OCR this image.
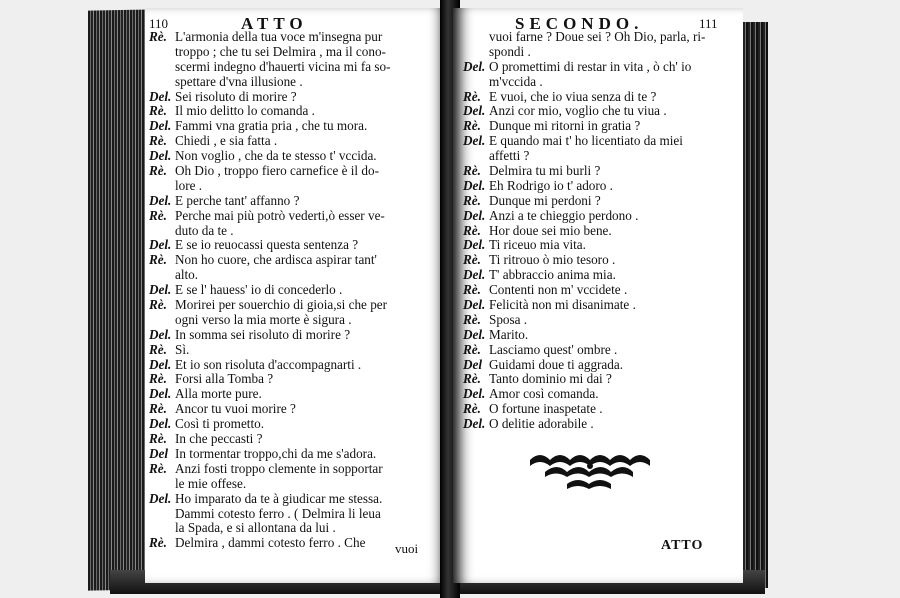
110	ATTO
Rè. L'armonia della tua voce m'insegna pur
troppo ; che tu sei Delmira , ma il cono-
scermi indegno d'hauerti vicina mi fa so-
spettare d'vna illusione .
Del. Sei risoluto di morire ?
Rè. Il mio delitto lo comanda .
Del. Fammi vna gratia pria , che tu mora.
Rè. Chiedi , e sia fatta .
Del. Non voglio , che da te stesso t' vccida.
Rè. Oh Dio , troppo fiero carnefice è il do-
lore .
Del. E perche tant' affanno ?
Rè. Perche mai più potrò vederti,ò esser ve-
duto da te .
Del. E se io reuocassi questa sentenza ?
Rè. Non ho cuore, che ardisca aspirar tant'
alto.
Del. E se l' hauess' io di concederlo .
Rè. Morirei per souerchio di gioia,si che per
ogni verso la mia morte è sigura .
Del. In somma sei risoluto di morire ?
Rè. Sì.
Del. Et io son risoluta d'accompagnarti .
Rè. Forsi alla Tomba ?
Del. Alla morte pure.
Rè. Ancor tu vuoi morire ?
Del. Così ti prometto.
Rè. In che peccasti ?
Del In tormentar troppo,chi da me s'adora.
Rè. Anzi fosti troppo clemente in sopportar
le mie offese.
Del. Ho imparato da te à giudicar me stessa.
Dammi cotesto ferro . ( Delmira li leua
la Spada, e si allontana da lui .
Rè. Delmira , dammi cotesto ferro . Che	vuoi
SECONDO.	111
vuoi farne ? Doue sei ? Oh Dio, parla, ri-
spondi .
Del. O promettimi di restar in vita , ò ch' io
m'vccida .
Rè. E vuoi, che io viua senza di te ?
Del. Anzi cor mio, voglio che tu viua .
Rè. Dunque mi ritorni in gratia ?
Del. E quando mai t' ho licentiato da miei
affetti ?
Rè. Delmira tu mi burli ?
Del. Eh Rodrigo io t' adoro .
Rè. Dunque mi perdoni ?
Del. Anzi a te chieggio perdono .
Rè. Hor doue sei mio bene.
Del. Ti riceuo mia vita.
Rè. Ti ritrouo ò mio tesoro .
Del. T' abbraccio anima mia.
Rè. Contenti non m' vccidete .
Del. Felicità non mi disanimate .
Rè. Sposa .
Del. Marito.
Rè. Lasciamo quest' ombre .
Del Guidami doue ti aggrada.
Rè. Tanto dominio mi dai ?
Del. Amor così comanda.
Rè. O fortune inaspetate .
Del. O delitie adorabile .
ATTO
